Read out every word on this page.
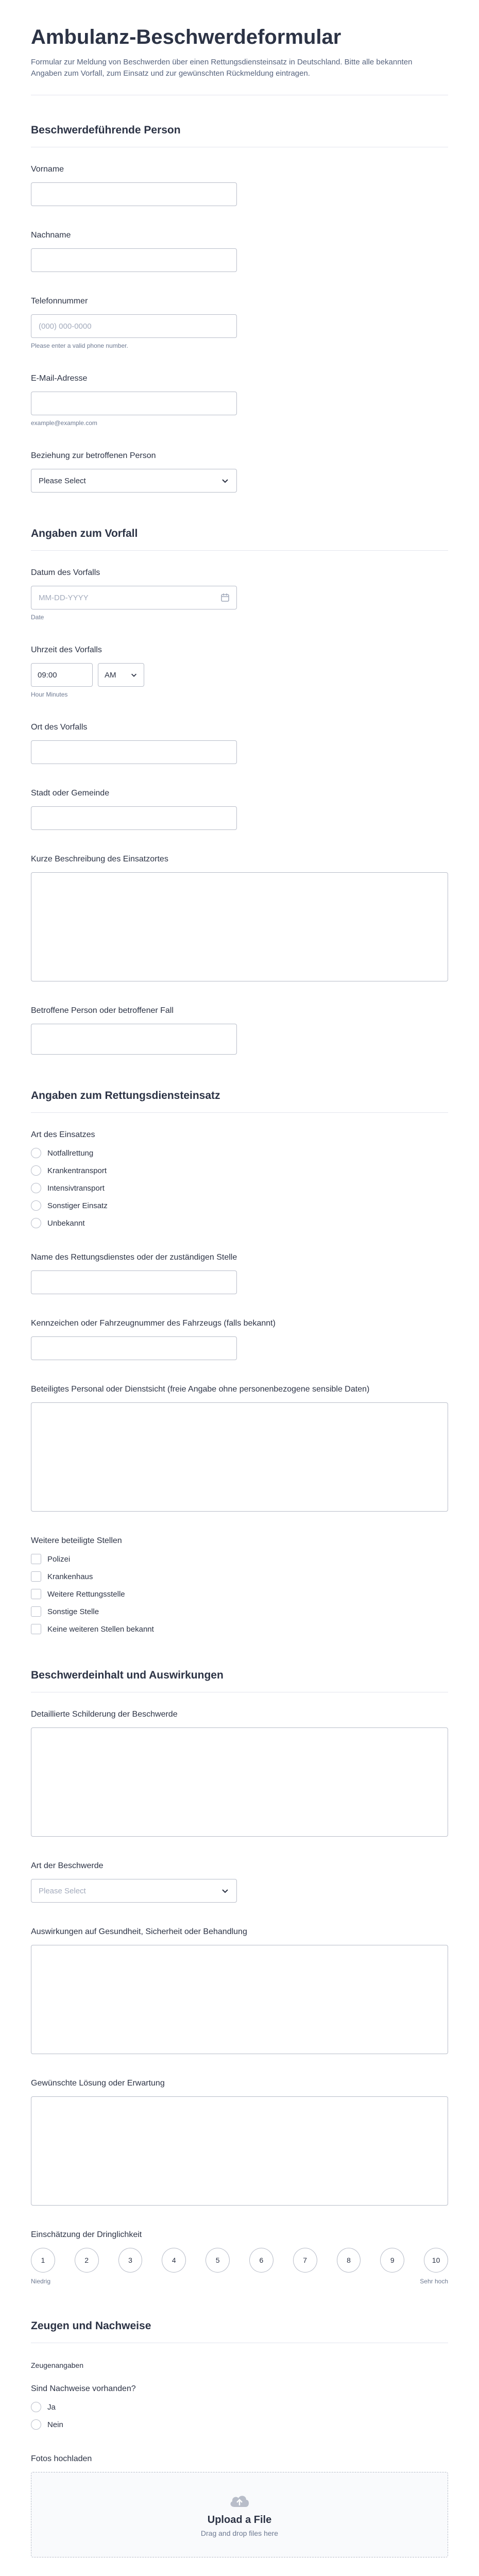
Ambulanz-Beschwerdeformular

Formular zur Meldung von Beschwerden über einen Rettungsdiensteinsatz in Deutschland. Bitte alle bekannten Angaben zum Vorfall, zum Einsatz und zur gewünschten Rückmeldung eintragen.

Beschwerdeführende Person
Vorname
Nachname
Telefonnummer
(000) 000-0000
Please enter a valid phone number.
E-Mail-Adresse
example@example.com
Beziehung zur betroffenen Person
Please Select
Angaben zum Vorfall
Datum des Vorfalls
MM-DD-YYYY
Date
Uhrzeit des Vorfalls
09:00	AM
Hour Minutes
Ort des Vorfalls
Stadt oder Gemeinde
Kurze Beschreibung des Einsatzortes
Betroffene Person oder betroffener Fall
Angaben zum Rettungsdiensteinsatz
Art des Einsatzes
Notfallrettung
Krankentransport
Intensivtransport
Sonstiger Einsatz
Unbekannt
Name des Rettungsdienstes oder der zuständigen Stelle
Kennzeichen oder Fahrzeugnummer des Fahrzeugs (falls bekannt)
Beteiligtes Personal oder Dienstsicht (freie Angabe ohne personenbezogene sensible Daten)
Weitere beteiligte Stellen
Polizei
Krankenhaus
Weitere Rettungsstelle
Sonstige Stelle
Keine weiteren Stellen bekannt
Beschwerdeinhalt und Auswirkungen
Detaillierte Schilderung der Beschwerde
Art der Beschwerde
Please Select
Auswirkungen auf Gesundheit, Sicherheit oder Behandlung
Gewünschte Lösung oder Erwartung
Einschätzung der Dringlichkeit
1	2	3	4	5	6	7	8	9	10
Niedrig	Sehr hoch
Zeugen und Nachweise
Zeugenangaben
Sind Nachweise vorhanden?
Ja
Nein
Fotos hochladen
Upload a File
Drag and drop files here
